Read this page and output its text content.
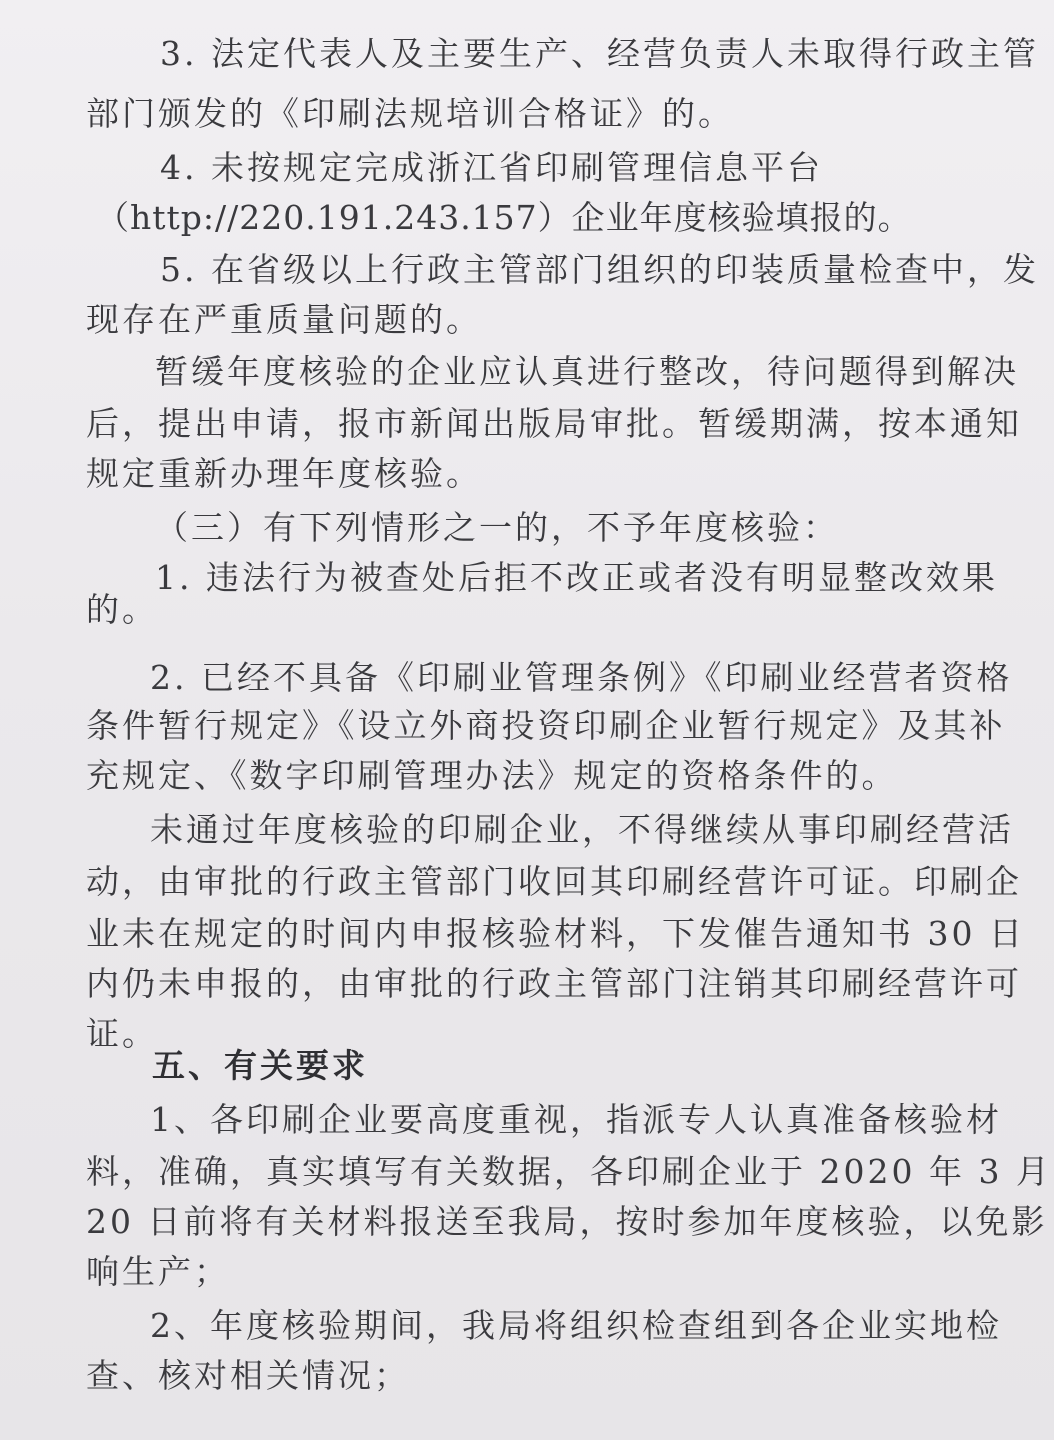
3. 法定代表人及主要生产、经营负责人未取得行政主管

部门颁发的《印刷法规培训合格证》的。

4. 未按规定完成浙江省印刷管理信息平台

（http://220.191.243.157）企业年度核验填报的。

5. 在省级以上行政主管部门组织的印装质量检查中，发

现存在严重质量问题的。

暂缓年度核验的企业应认真进行整改，待问题得到解决

后，提出申请，报市新闻出版局审批。暂缓期满，按本通知

规定重新办理年度核验。

（三）有下列情形之一的，不予年度核验：

1. 违法行为被查处后拒不改正或者没有明显整改效果

的。

2. 已经不具备《印刷业管理条例》《印刷业经营者资格

条件暂行规定》《设立外商投资印刷企业暂行规定》及其补

充规定、《数字印刷管理办法》规定的资格条件的。

未通过年度核验的印刷企业，不得继续从事印刷经营活

动，由审批的行政主管部门收回其印刷经营许可证。印刷企

业未在规定的时间内申报核验材料，下发催告通知书 30 日

内仍未申报的，由审批的行政主管部门注销其印刷经营许可

证。

五、有关要求

1、各印刷企业要高度重视，指派专人认真准备核验材

料，准确，真实填写有关数据，各印刷企业于 2020 年 3 月

20 日前将有关材料报送至我局，按时参加年度核验，以免影

响生产；

2、年度核验期间，我局将组织检查组到各企业实地检

查、核对相关情况；
